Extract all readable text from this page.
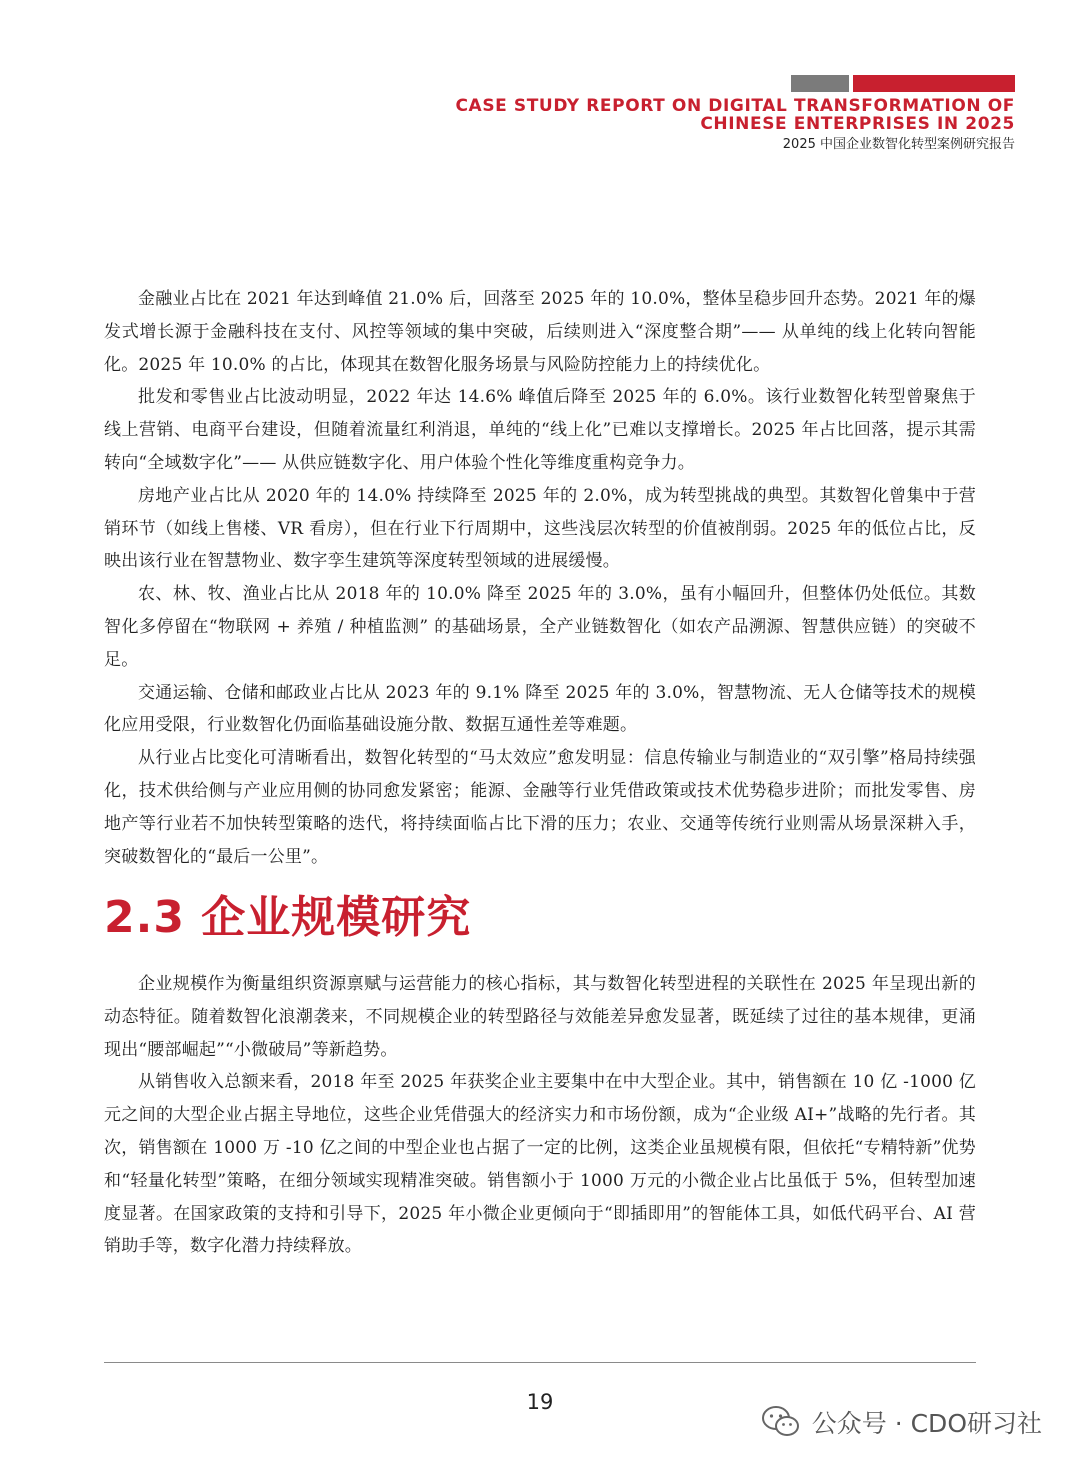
CASE STUDY REPORT ON DIGITAL TRANSFORMATION OF
CHINESE ENTERPRISES IN 2025
2025 中国企业数智化转型案例研究报告

金融业占比在 2021 年达到峰值 21.0% 后，回落至 2025 年的 10.0%，整体呈稳步回升态势。2021 年的爆发式增长源于金融科技在支付、风控等领域的集中突破，后续则进入“深度整合期”—— 从单纯的线上化转向智能化。2025 年 10.0% 的占比，体现其在数智化服务场景与风险防控能力上的持续优化。

批发和零售业占比波动明显，2022 年达 14.6% 峰值后降至 2025 年的 6.0%。该行业数智化转型曾聚焦于线上营销、电商平台建设，但随着流量红利消退，单纯的“线上化”已难以支撑增长。2025 年占比回落，提示其需转向“全域数字化”—— 从供应链数字化、用户体验个性化等维度重构竞争力。

房地产业占比从 2020 年的 14.0% 持续降至 2025 年的 2.0%，成为转型挑战的典型。其数智化曾集中于营销环节（如线上售楼、VR 看房），但在行业下行周期中，这些浅层次转型的价值被削弱。2025 年的低位占比，反映出该行业在智慧物业、数字孪生建筑等深度转型领域的进展缓慢。

农、林、牧、渔业占比从 2018 年的 10.0% 降至 2025 年的 3.0%，虽有小幅回升，但整体仍处低位。其数智化多停留在“物联网 + 养殖 / 种植监测” 的基础场景，全产业链数智化（如农产品溯源、智慧供应链）的突破不足。

交通运输、仓储和邮政业占比从 2023 年的 9.1% 降至 2025 年的 3.0%，智慧物流、无人仓储等技术的规模化应用受限，行业数智化仍面临基础设施分散、数据互通性差等难题。

从行业占比变化可清晰看出，数智化转型的“马太效应”愈发明显：信息传输业与制造业的“双引擎”格局持续强化，技术供给侧与产业应用侧的协同愈发紧密；能源、金融等行业凭借政策或技术优势稳步进阶；而批发零售、房地产等行业若不加快转型策略的迭代，将持续面临占比下滑的压力；农业、交通等传统行业则需从场景深耕入手，突破数智化的“最后一公里”。

2.3 企业规模研究

企业规模作为衡量组织资源禀赋与运营能力的核心指标，其与数智化转型进程的关联性在 2025 年呈现出新的动态特征。随着数智化浪潮袭来，不同规模企业的转型路径与效能差异愈发显著，既延续了过往的基本规律，更涌现出“腰部崛起”“小微破局”等新趋势。

从销售收入总额来看，2018 年至 2025 年获奖企业主要集中在中大型企业。其中，销售额在 10 亿 -1000 亿元之间的大型企业占据主导地位，这些企业凭借强大的经济实力和市场份额，成为“企业级 AI+”战略的先行者。其次，销售额在 1000 万 -10 亿之间的中型企业也占据了一定的比例，这类企业虽规模有限，但依托“专精特新”优势和“轻量化转型”策略，在细分领域实现精准突破。销售额小于 1000 万元的小微企业占比虽低于 5%，但转型加速度显著。在国家政策的支持和引导下，2025 年小微企业更倾向于“即插即用”的智能体工具，如低代码平台、AI 营销助手等，数字化潜力持续释放。

19
公众号 · CDO研习社
